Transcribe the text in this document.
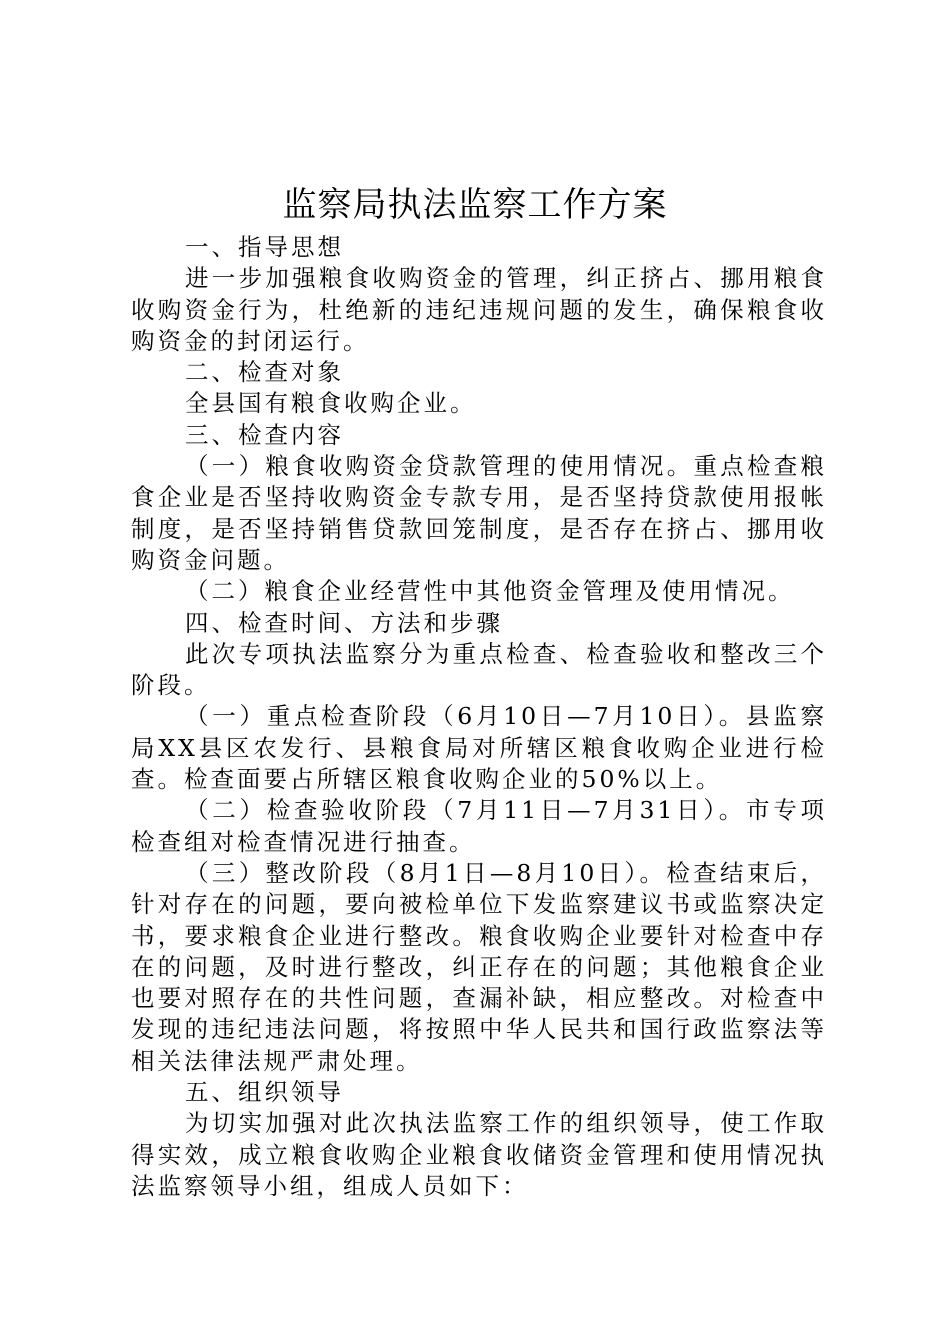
监察局执法监察工作方案

一、指导思想

进一步加强粮食收购资金的管理，纠正挤占、挪用粮食收购资金行为，杜绝新的违纪违规问题的发生，确保粮食收购资金的封闭运行。

二、检查对象

全县国有粮食收购企业。

三、检查内容

（一）粮食收购资金贷款管理的使用情况。重点检查粮食企业是否坚持收购资金专款专用，是否坚持贷款使用报帐制度，是否坚持销售贷款回笼制度，是否存在挤占、挪用收购资金问题。

（二）粮食企业经营性中其他资金管理及使用情况。

四、检查时间、方法和步骤

此次专项执法监察分为重点检查、检查验收和整改三个阶段。

（一）重点检查阶段（6月10日—7月10日）。县监察局XX县区农发行、县粮食局对所辖区粮食收购企业进行检查。检查面要占所辖区粮食收购企业的50%以上。

（二）检查验收阶段（7月11日—7月31日）。市专项检查组对检查情况进行抽查。

（三）整改阶段（8月1日—8月10日）。检查结束后，针对存在的问题，要向被检单位下发监察建议书或监察决定书，要求粮食企业进行整改。粮食收购企业要针对检查中存在的问题，及时进行整改，纠正存在的问题；其他粮食企业也要对照存在的共性问题，查漏补缺，相应整改。对检查中发现的违纪违法问题，将按照中华人民共和国行政监察法等相关法律法规严肃处理。

五、组织领导

为切实加强对此次执法监察工作的组织领导，使工作取得实效，成立粮食收购企业粮食收储资金管理和使用情况执法监察领导小组，组成人员如下：
